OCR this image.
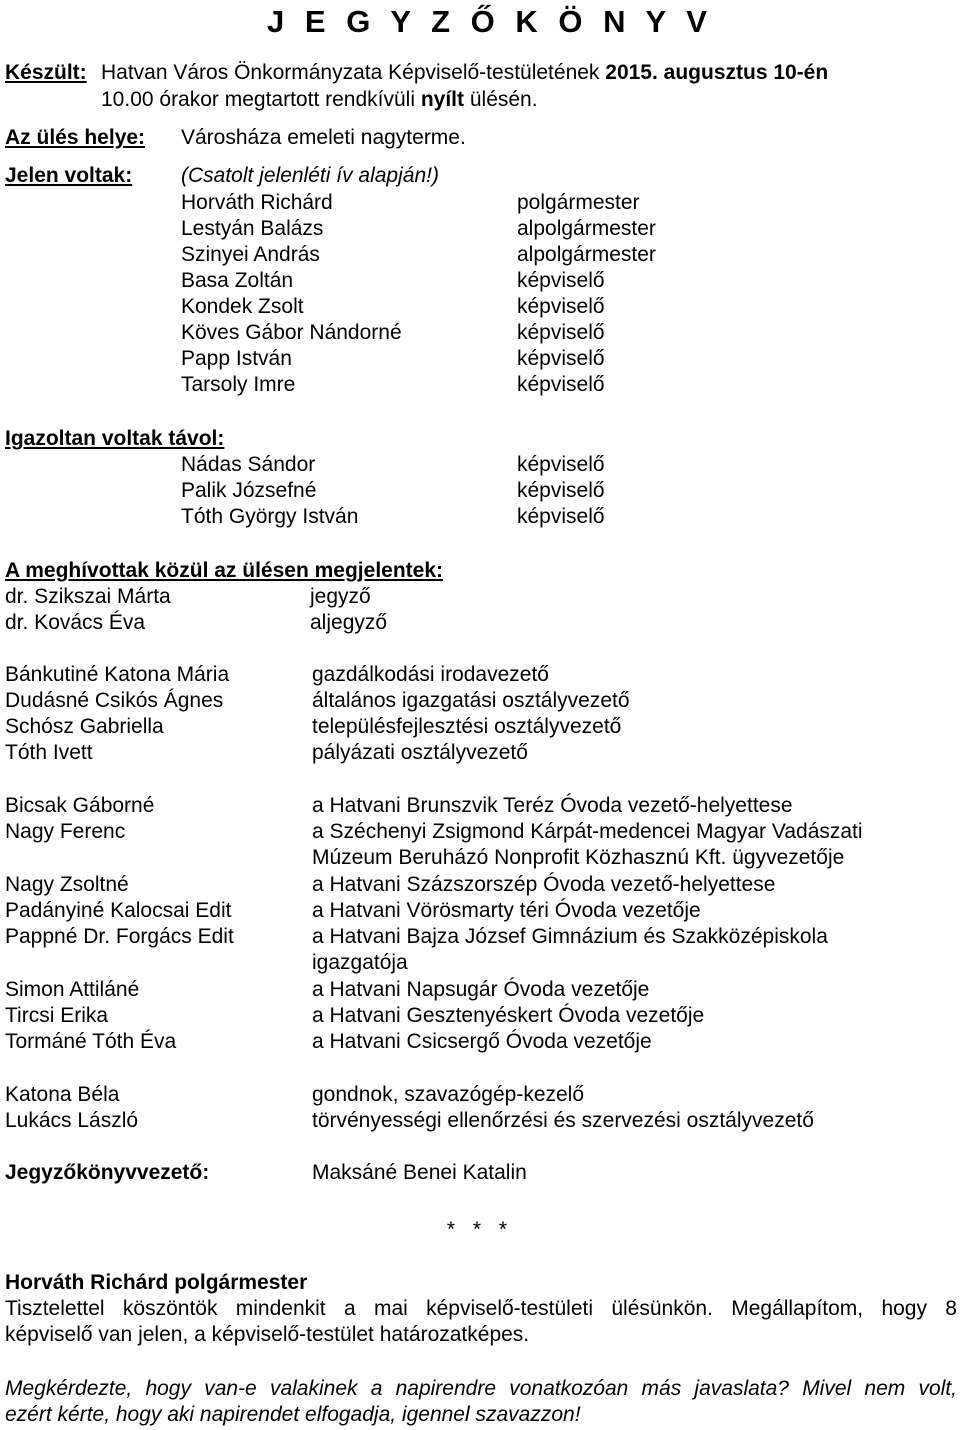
J E G Y Z Ő K Ö N Y V
Készült: Hatvan Város Önkormányzata Képviselő-testületének 2015. augusztus 10-én
10.00 órakor megtartott rendkívüli nyílt ülésén.
Az ülés helye: Városháza emeleti nagyterme.
Jelen voltak: (Csatolt jelenléti ív alapján!)
Horváth Richárd	polgármester
Lestyán Balázs	alpolgármester
Szinyei András	alpolgármester
Basa Zoltán	képviselő
Kondek Zsolt	képviselő
Köves Gábor Nándorné	képviselő
Papp István	képviselő
Tarsoly Imre	képviselő
Igazoltan voltak távol:
Nádas Sándor	képviselő
Palik Józsefné	képviselő
Tóth György István	képviselő
A meghívottak közül az ülésen megjelentek:
dr. Szikszai Márta	jegyző
dr. Kovács Éva	aljegyző
Bánkutiné Katona Mária	gazdálkodási irodavezető
Dudásné Csikós Ágnes	általános igazgatási osztályvezető
Schósz Gabriella	településfejlesztési osztályvezető
Tóth Ivett	pályázati osztályvezető
Bicsak Gáborné	a Hatvani Brunszvik Teréz Óvoda vezető-helyettese
Nagy Ferenc	a Széchenyi Zsigmond Kárpát-medencei Magyar Vadászati
Múzeum Beruházó Nonprofit Közhasznú Kft. ügyvezetője
Nagy Zsoltné	a Hatvani Százszorszép Óvoda vezető-helyettese
Padányiné Kalocsai Edit	a Hatvani Vörösmarty téri Óvoda vezetője
Pappné Dr. Forgács Edit	a Hatvani Bajza József Gimnázium és Szakközépiskola
igazgatója
Simon Attiláné	a Hatvani Napsugár Óvoda vezetője
Tircsi Erika	a Hatvani Gesztenyéskert Óvoda vezetője
Tormáné Tóth Éva	a Hatvani Csicsergő Óvoda vezetője
Katona Béla	gondnok, szavazógép-kezelő
Lukács László	törvényességi ellenőrzési és szervezési osztályvezető
Jegyzőkönyvvezető:	Maksáné Benei Katalin
* * *
Horváth Richárd polgármester
Tisztelettel köszöntök mindenkit a mai képviselő-testületi ülésünkön. Megállapítom, hogy 8
képviselő van jelen, a képviselő-testület határozatképes.
Megkérdezte, hogy van-e valakinek a napirendre vonatkozóan más javaslata? Mivel nem volt,
ezért kérte, hogy aki napirendet elfogadja, igennel szavazzon!
